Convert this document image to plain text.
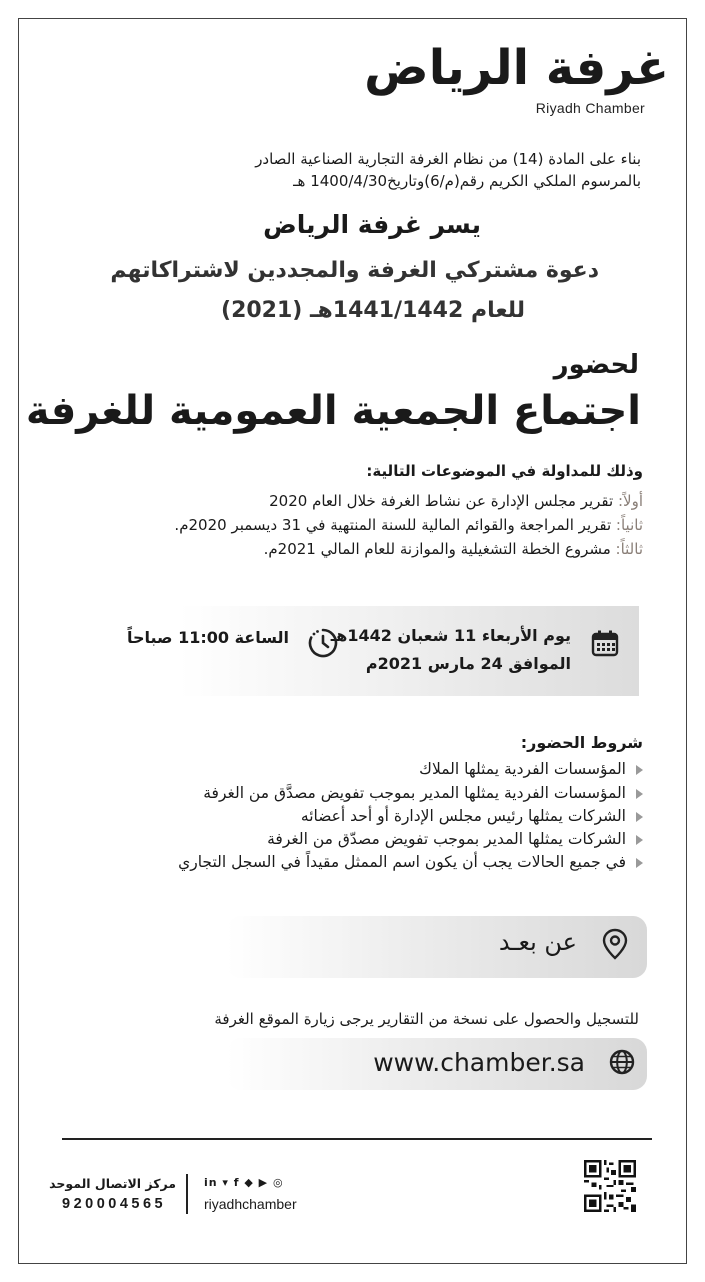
غرفة الرياض
Riyadh Chamber
بناء على المادة (14) من نظام الغرفة التجارية الصناعية الصادر
بالمرسوم الملكي الكريم رقم(م/6)وتاريخ1400/4/30 هـ
يسر غرفة الرياض
دعوة مشتركي الغرفة والمجددين لاشتراكاتهم
للعام 1441/1442هـ (2021)
لحضور
اجتماع الجمعية العمومية للغرفة
وذلك للمداولة في الموضوعات التالية:
أولاً: تقرير مجلس الإدارة عن نشاط الغرفة خلال العام 2020
ثانياً: تقرير المراجعة والقوائم المالية للسنة المنتهية في 31 ديسمبر 2020م.
ثالثاً: مشروع الخطة التشغيلية والموازنة للعام المالي 2021م.
يوم الأربعاء 11 شعبان 1442هـ
الموافق 24 مارس 2021م
الساعة 11:00 صباحاً
شروط الحضور:
المؤسسات الفردية يمثلها الملاك
المؤسسات الفردية يمثلها المدير بموجب تفويض مصدَّق من الغرفة
الشركات يمثلها رئيس مجلس الإدارة أو أحد أعضائه
الشركات يمثلها المدير بموجب تفويض مصدّق من الغرفة
في جميع الحالات يجب أن يكون اسم الممثل مقيداً في السجل التجاري
عن بعـد
للتسجيل والحصول على نسخة من التقارير يرجى زيارة الموقع الغرفة
www.chamber.sa
in ▾ f ◆ ▶ ◎
riyadhchamber
مركز الاتصال الموحد
920004565
